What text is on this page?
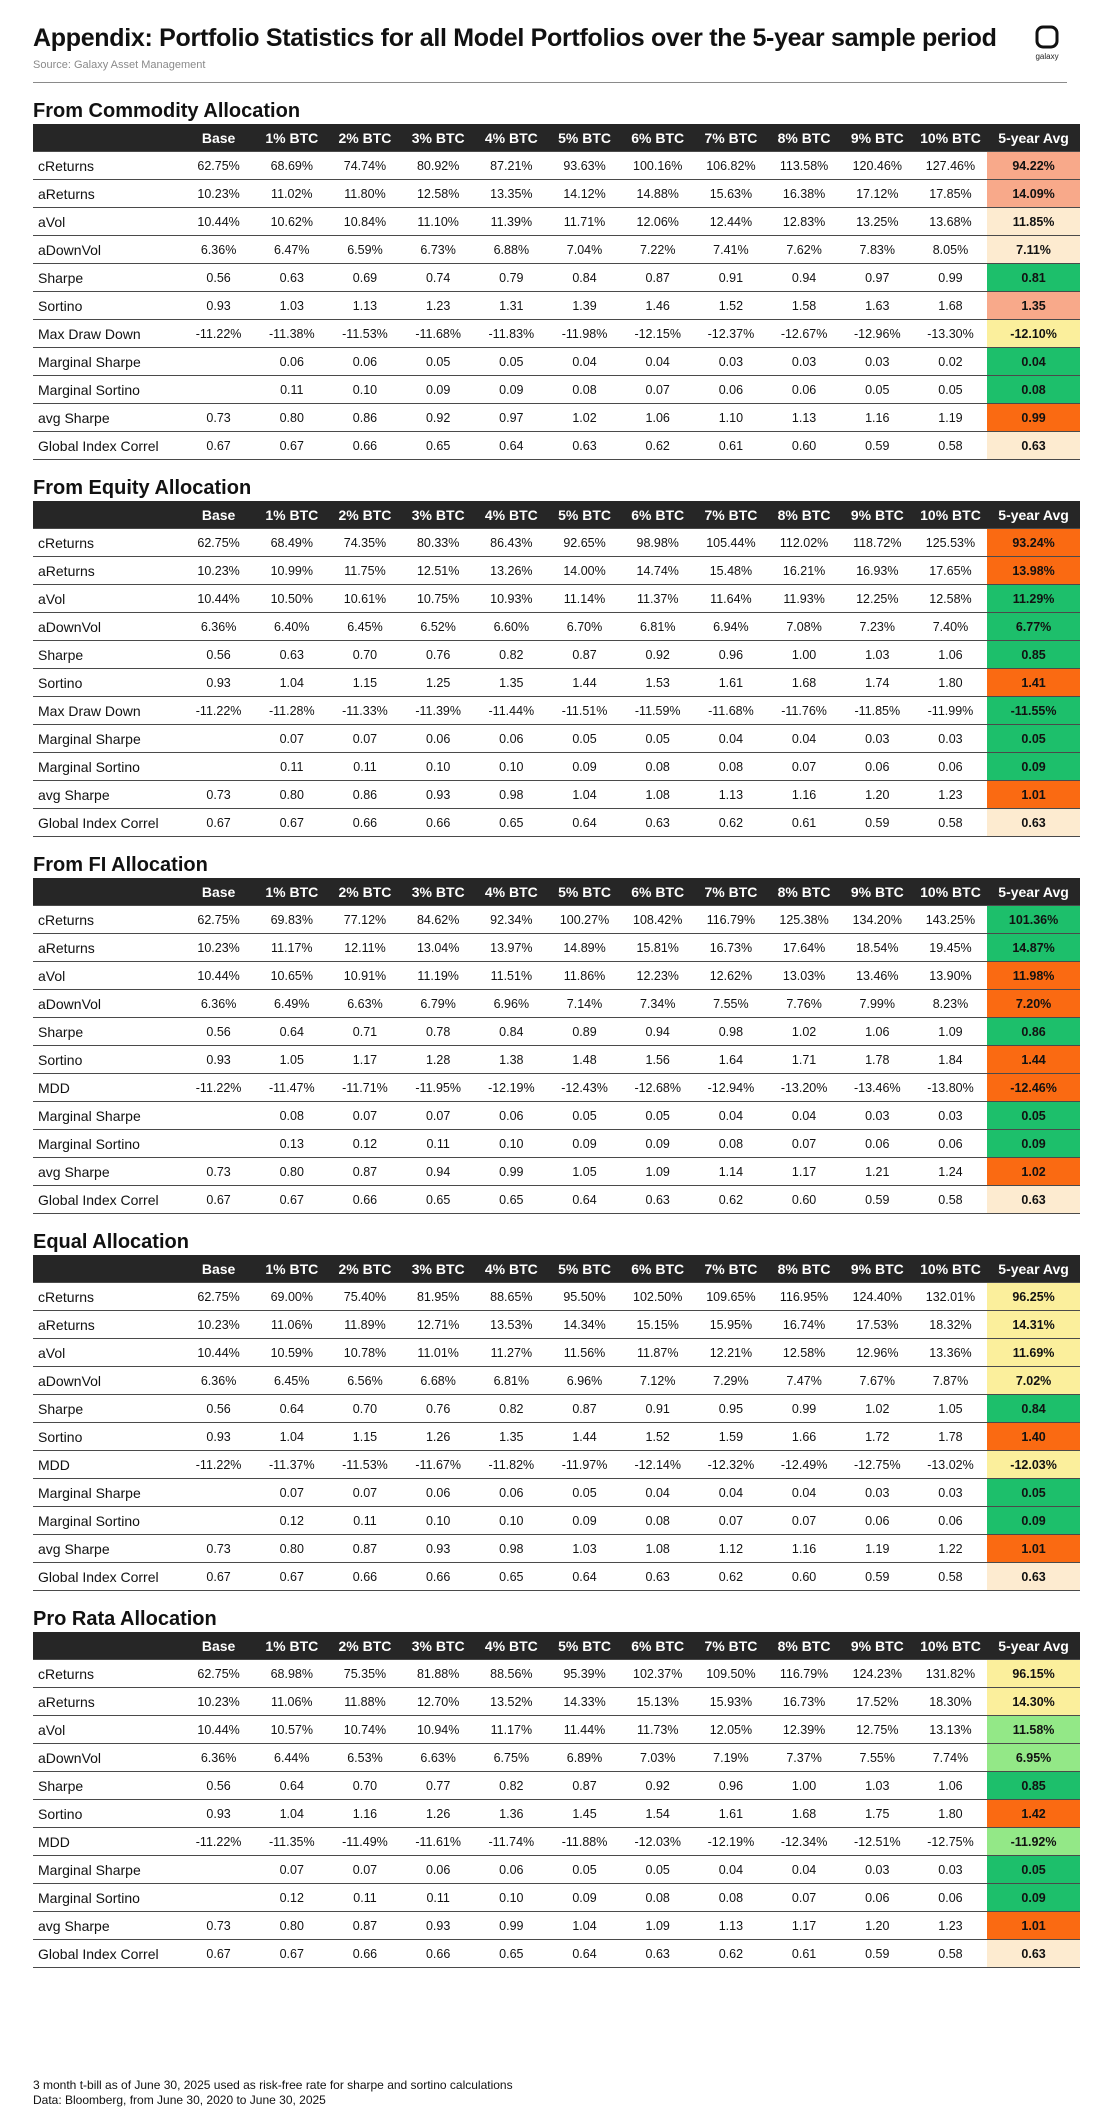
Appendix: Portfolio Statistics for all Model Portfolios over the 5-year sample period
Source: Galaxy Asset Management
galaxy
From Commodity Allocation
	Base	1% BTC	2% BTC	3% BTC	4% BTC	5% BTC	6% BTC	7% BTC	8% BTC	9% BTC	10% BTC	5-year Avg
cReturns	62.75%	68.69%	74.74%	80.92%	87.21%	93.63%	100.16%	106.82%	113.58%	120.46%	127.46%	94.22%
aReturns	10.23%	11.02%	11.80%	12.58%	13.35%	14.12%	14.88%	15.63%	16.38%	17.12%	17.85%	14.09%
aVol	10.44%	10.62%	10.84%	11.10%	11.39%	11.71%	12.06%	12.44%	12.83%	13.25%	13.68%	11.85%
aDownVol	6.36%	6.47%	6.59%	6.73%	6.88%	7.04%	7.22%	7.41%	7.62%	7.83%	8.05%	7.11%
Sharpe	0.56	0.63	0.69	0.74	0.79	0.84	0.87	0.91	0.94	0.97	0.99	0.81
Sortino	0.93	1.03	1.13	1.23	1.31	1.39	1.46	1.52	1.58	1.63	1.68	1.35
Max Draw Down	-11.22%	-11.38%	-11.53%	-11.68%	-11.83%	-11.98%	-12.15%	-12.37%	-12.67%	-12.96%	-13.30%	-12.10%
Marginal Sharpe		0.06	0.06	0.05	0.05	0.04	0.04	0.03	0.03	0.03	0.02	0.04
Marginal Sortino		0.11	0.10	0.09	0.09	0.08	0.07	0.06	0.06	0.05	0.05	0.08
avg Sharpe	0.73	0.80	0.86	0.92	0.97	1.02	1.06	1.10	1.13	1.16	1.19	0.99
Global Index Correl	0.67	0.67	0.66	0.65	0.64	0.63	0.62	0.61	0.60	0.59	0.58	0.63
From Equity Allocation
	Base	1% BTC	2% BTC	3% BTC	4% BTC	5% BTC	6% BTC	7% BTC	8% BTC	9% BTC	10% BTC	5-year Avg
cReturns	62.75%	68.49%	74.35%	80.33%	86.43%	92.65%	98.98%	105.44%	112.02%	118.72%	125.53%	93.24%
aReturns	10.23%	10.99%	11.75%	12.51%	13.26%	14.00%	14.74%	15.48%	16.21%	16.93%	17.65%	13.98%
aVol	10.44%	10.50%	10.61%	10.75%	10.93%	11.14%	11.37%	11.64%	11.93%	12.25%	12.58%	11.29%
aDownVol	6.36%	6.40%	6.45%	6.52%	6.60%	6.70%	6.81%	6.94%	7.08%	7.23%	7.40%	6.77%
Sharpe	0.56	0.63	0.70	0.76	0.82	0.87	0.92	0.96	1.00	1.03	1.06	0.85
Sortino	0.93	1.04	1.15	1.25	1.35	1.44	1.53	1.61	1.68	1.74	1.80	1.41
Max Draw Down	-11.22%	-11.28%	-11.33%	-11.39%	-11.44%	-11.51%	-11.59%	-11.68%	-11.76%	-11.85%	-11.99%	-11.55%
Marginal Sharpe		0.07	0.07	0.06	0.06	0.05	0.05	0.04	0.04	0.03	0.03	0.05
Marginal Sortino		0.11	0.11	0.10	0.10	0.09	0.08	0.08	0.07	0.06	0.06	0.09
avg Sharpe	0.73	0.80	0.86	0.93	0.98	1.04	1.08	1.13	1.16	1.20	1.23	1.01
Global Index Correl	0.67	0.67	0.66	0.66	0.65	0.64	0.63	0.62	0.61	0.59	0.58	0.63
From FI Allocation
	Base	1% BTC	2% BTC	3% BTC	4% BTC	5% BTC	6% BTC	7% BTC	8% BTC	9% BTC	10% BTC	5-year Avg
cReturns	62.75%	69.83%	77.12%	84.62%	92.34%	100.27%	108.42%	116.79%	125.38%	134.20%	143.25%	101.36%
aReturns	10.23%	11.17%	12.11%	13.04%	13.97%	14.89%	15.81%	16.73%	17.64%	18.54%	19.45%	14.87%
aVol	10.44%	10.65%	10.91%	11.19%	11.51%	11.86%	12.23%	12.62%	13.03%	13.46%	13.90%	11.98%
aDownVol	6.36%	6.49%	6.63%	6.79%	6.96%	7.14%	7.34%	7.55%	7.76%	7.99%	8.23%	7.20%
Sharpe	0.56	0.64	0.71	0.78	0.84	0.89	0.94	0.98	1.02	1.06	1.09	0.86
Sortino	0.93	1.05	1.17	1.28	1.38	1.48	1.56	1.64	1.71	1.78	1.84	1.44
MDD	-11.22%	-11.47%	-11.71%	-11.95%	-12.19%	-12.43%	-12.68%	-12.94%	-13.20%	-13.46%	-13.80%	-12.46%
Marginal Sharpe		0.08	0.07	0.07	0.06	0.05	0.05	0.04	0.04	0.03	0.03	0.05
Marginal Sortino		0.13	0.12	0.11	0.10	0.09	0.09	0.08	0.07	0.06	0.06	0.09
avg Sharpe	0.73	0.80	0.87	0.94	0.99	1.05	1.09	1.14	1.17	1.21	1.24	1.02
Global Index Correl	0.67	0.67	0.66	0.65	0.65	0.64	0.63	0.62	0.60	0.59	0.58	0.63
Equal Allocation
	Base	1% BTC	2% BTC	3% BTC	4% BTC	5% BTC	6% BTC	7% BTC	8% BTC	9% BTC	10% BTC	5-year Avg
cReturns	62.75%	69.00%	75.40%	81.95%	88.65%	95.50%	102.50%	109.65%	116.95%	124.40%	132.01%	96.25%
aReturns	10.23%	11.06%	11.89%	12.71%	13.53%	14.34%	15.15%	15.95%	16.74%	17.53%	18.32%	14.31%
aVol	10.44%	10.59%	10.78%	11.01%	11.27%	11.56%	11.87%	12.21%	12.58%	12.96%	13.36%	11.69%
aDownVol	6.36%	6.45%	6.56%	6.68%	6.81%	6.96%	7.12%	7.29%	7.47%	7.67%	7.87%	7.02%
Sharpe	0.56	0.64	0.70	0.76	0.82	0.87	0.91	0.95	0.99	1.02	1.05	0.84
Sortino	0.93	1.04	1.15	1.26	1.35	1.44	1.52	1.59	1.66	1.72	1.78	1.40
MDD	-11.22%	-11.37%	-11.53%	-11.67%	-11.82%	-11.97%	-12.14%	-12.32%	-12.49%	-12.75%	-13.02%	-12.03%
Marginal Sharpe		0.07	0.07	0.06	0.06	0.05	0.04	0.04	0.04	0.03	0.03	0.05
Marginal Sortino		0.12	0.11	0.10	0.10	0.09	0.08	0.07	0.07	0.06	0.06	0.09
avg Sharpe	0.73	0.80	0.87	0.93	0.98	1.03	1.08	1.12	1.16	1.19	1.22	1.01
Global Index Correl	0.67	0.67	0.66	0.66	0.65	0.64	0.63	0.62	0.60	0.59	0.58	0.63
Pro Rata Allocation
	Base	1% BTC	2% BTC	3% BTC	4% BTC	5% BTC	6% BTC	7% BTC	8% BTC	9% BTC	10% BTC	5-year Avg
cReturns	62.75%	68.98%	75.35%	81.88%	88.56%	95.39%	102.37%	109.50%	116.79%	124.23%	131.82%	96.15%
aReturns	10.23%	11.06%	11.88%	12.70%	13.52%	14.33%	15.13%	15.93%	16.73%	17.52%	18.30%	14.30%
aVol	10.44%	10.57%	10.74%	10.94%	11.17%	11.44%	11.73%	12.05%	12.39%	12.75%	13.13%	11.58%
aDownVol	6.36%	6.44%	6.53%	6.63%	6.75%	6.89%	7.03%	7.19%	7.37%	7.55%	7.74%	6.95%
Sharpe	0.56	0.64	0.70	0.77	0.82	0.87	0.92	0.96	1.00	1.03	1.06	0.85
Sortino	0.93	1.04	1.16	1.26	1.36	1.45	1.54	1.61	1.68	1.75	1.80	1.42
MDD	-11.22%	-11.35%	-11.49%	-11.61%	-11.74%	-11.88%	-12.03%	-12.19%	-12.34%	-12.51%	-12.75%	-11.92%
Marginal Sharpe		0.07	0.07	0.06	0.06	0.05	0.05	0.04	0.04	0.03	0.03	0.05
Marginal Sortino		0.12	0.11	0.11	0.10	0.09	0.08	0.08	0.07	0.06	0.06	0.09
avg Sharpe	0.73	0.80	0.87	0.93	0.99	1.04	1.09	1.13	1.17	1.20	1.23	1.01
Global Index Correl	0.67	0.67	0.66	0.66	0.65	0.64	0.63	0.62	0.61	0.59	0.58	0.63
3 month t-bill as of June 30, 2025 used as risk-free rate for sharpe and sortino calculations
Data: Bloomberg, from June 30, 2020 to June 30, 2025
